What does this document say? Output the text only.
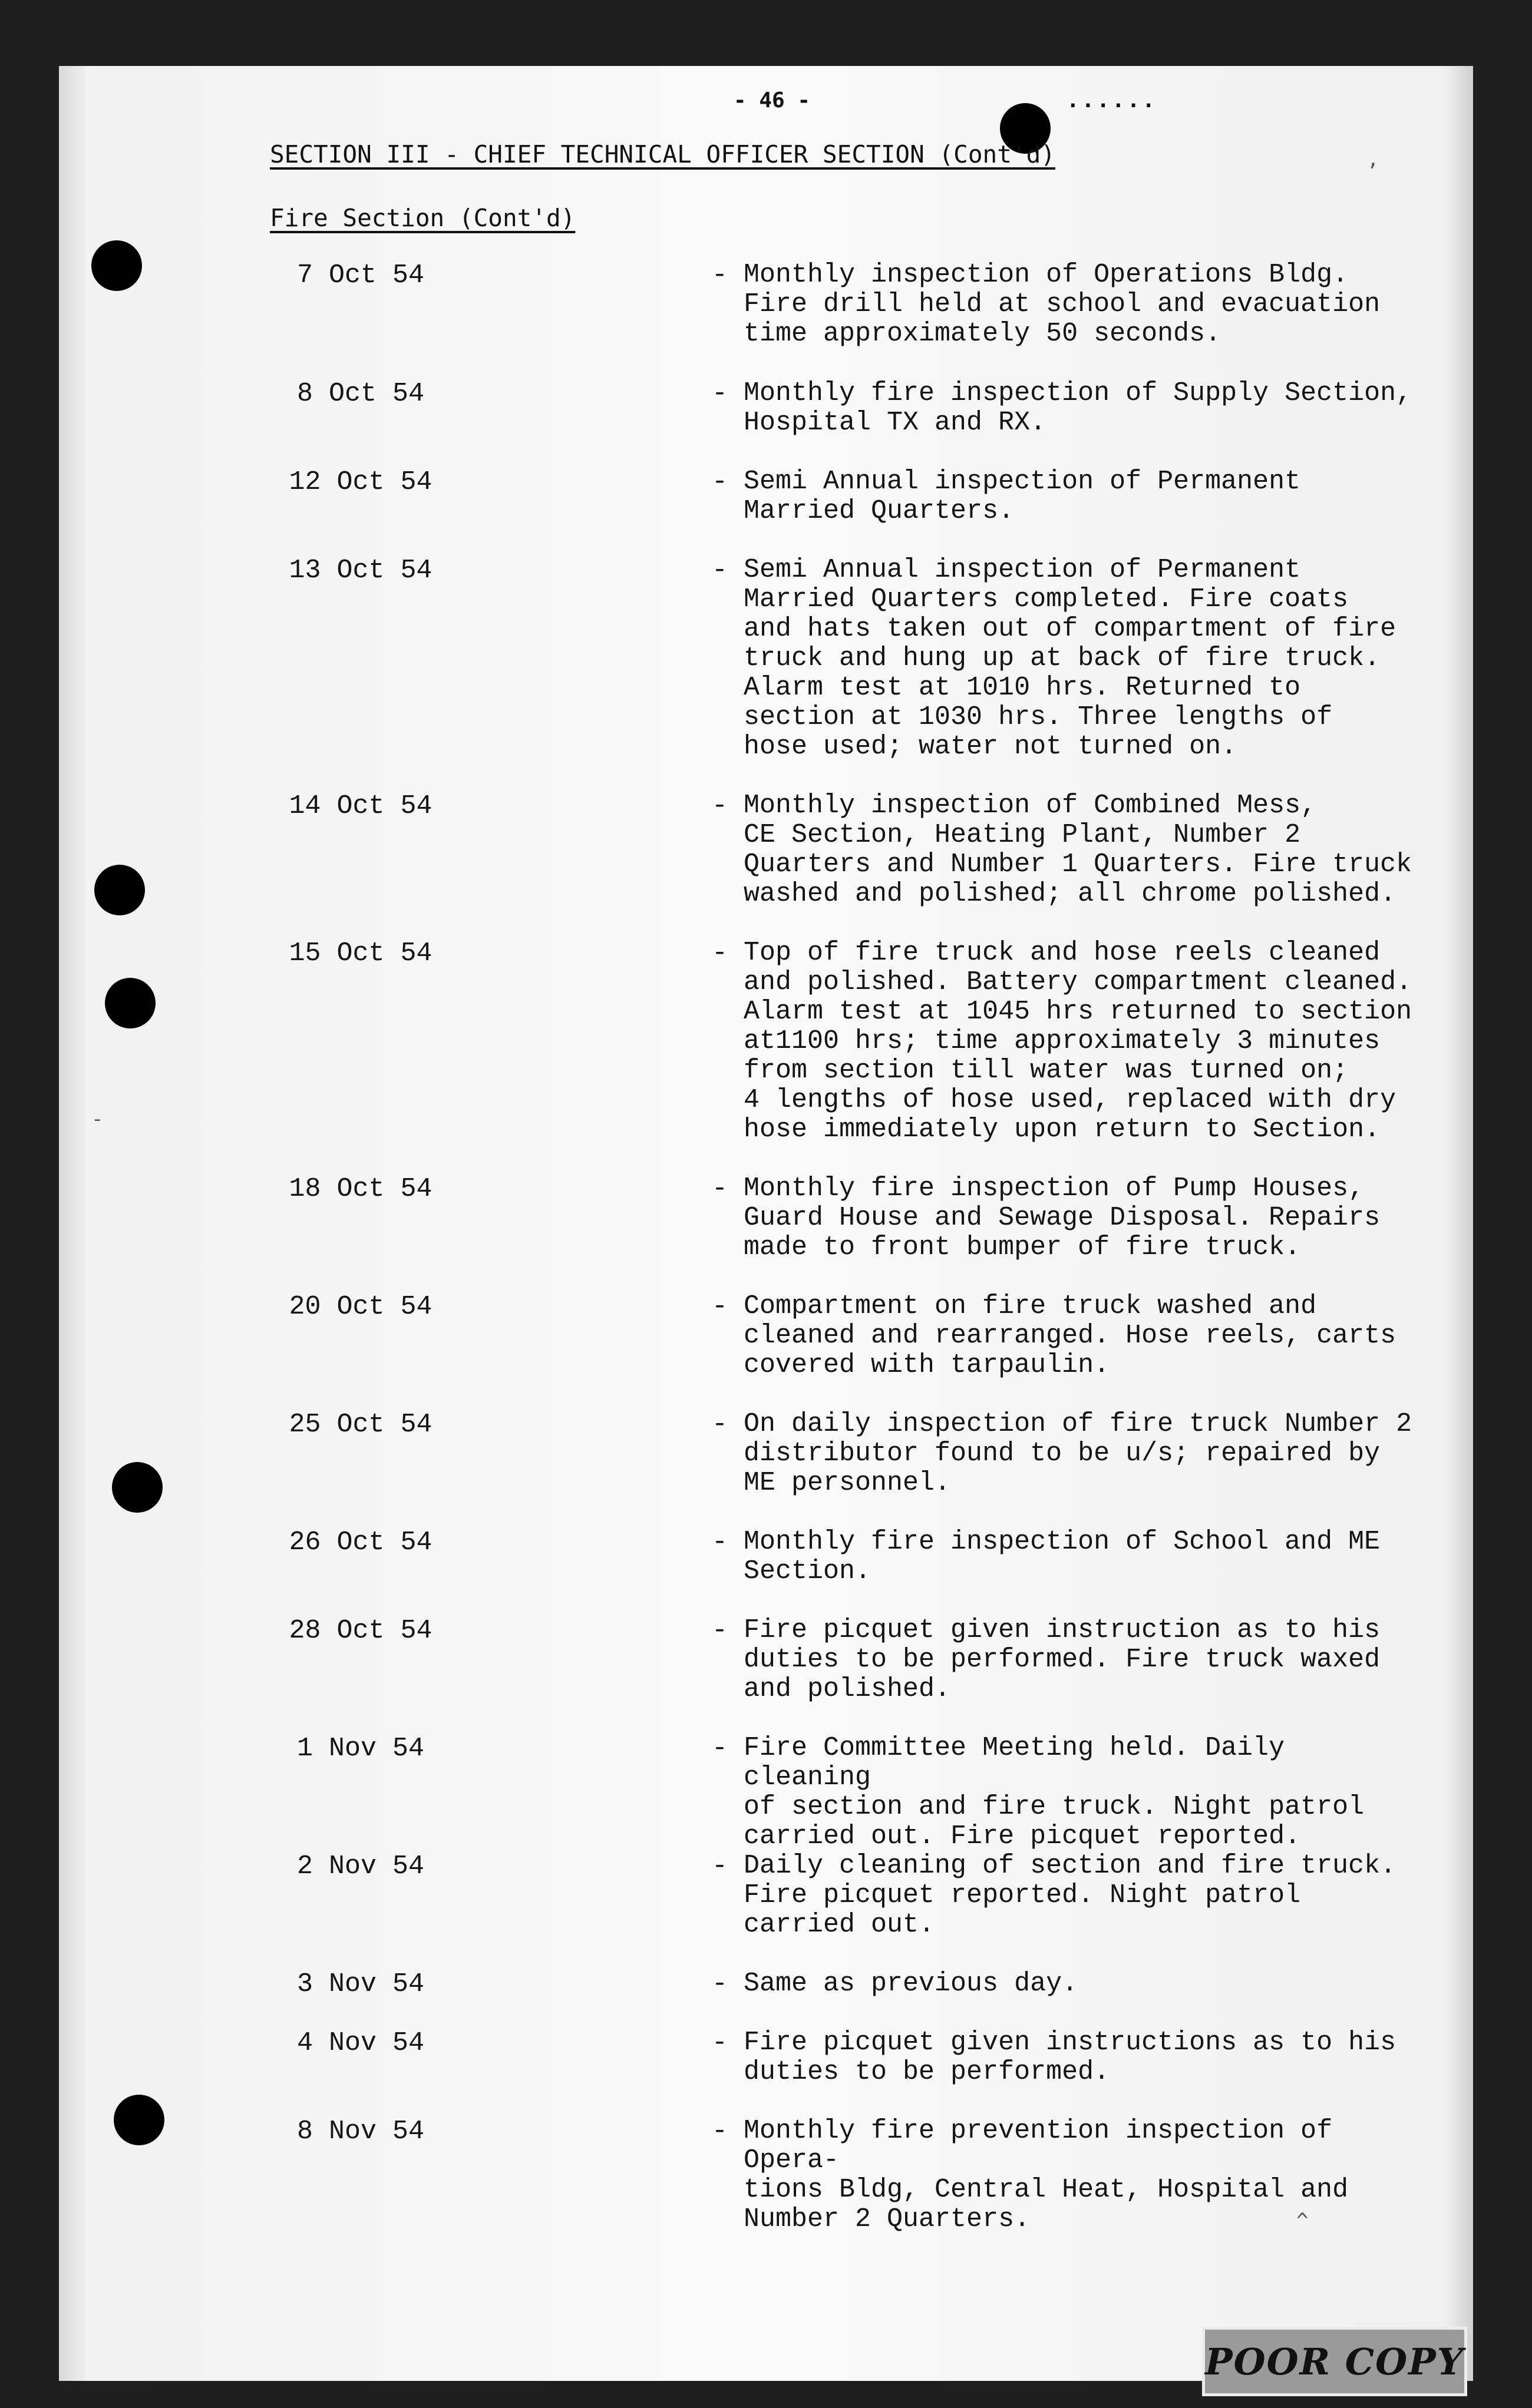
- 46 -	......
SECTION III - CHIEF TECHNICAL OFFICER SECTION (Cont'd)
Fire Section (Cont'd)
7 Oct 54	- Monthly inspection of Operations Bldg.
Fire drill held at school and evacuation
time approximately 50 seconds.
8 Oct 54	- Monthly fire inspection of Supply Section,
Hospital TX and RX.
12 Oct 54	- Semi Annual inspection of Permanent
Married Quarters.
13 Oct 54	- Semi Annual inspection of Permanent
Married Quarters completed. Fire coats
and hats taken out of compartment of fire
truck and hung up at back of fire truck.
Alarm test at 1010 hrs. Returned to
section at 1030 hrs. Three lengths of
hose used; water not turned on.
14 Oct 54	- Monthly inspection of Combined Mess,
CE Section, Heating Plant, Number 2
Quarters and Number 1 Quarters. Fire truck
washed and polished; all chrome polished.
15 Oct 54	- Top of fire truck and hose reels cleaned
and polished. Battery compartment cleaned.
Alarm test at 1045 hrs returned to section
at1100 hrs; time approximately 3 minutes
from section till water was turned on;
4 lengths of hose used, replaced with dry
hose immediately upon return to Section.
18 Oct 54	- Monthly fire inspection of Pump Houses,
Guard House and Sewage Disposal. Repairs
made to front bumper of fire truck.
20 Oct 54	- Compartment on fire truck washed and
cleaned and rearranged. Hose reels, carts
covered with tarpaulin.
25 Oct 54	- On daily inspection of fire truck Number 2
distributor found to be u/s; repaired by
ME personnel.
26 Oct 54	- Monthly fire inspection of School and ME
Section.
28 Oct 54	- Fire picquet given instruction as to his
duties to be performed. Fire truck waxed
and polished.
1 Nov 54	- Fire Committee Meeting held. Daily cleaning
of section and fire truck. Night patrol
carried out. Fire picquet reported.
2 Nov 54	- Daily cleaning of section and fire truck.
Fire picquet reported. Night patrol
carried out.
3 Nov 54	- Same as previous day.
4 Nov 54	- Fire picquet given instructions as to his
duties to be performed.
8 Nov 54	- Monthly fire prevention inspection of Opera-
tions Bldg, Central Heat, Hospital and
Number 2 Quarters.
,
-
^
POOR COPY
